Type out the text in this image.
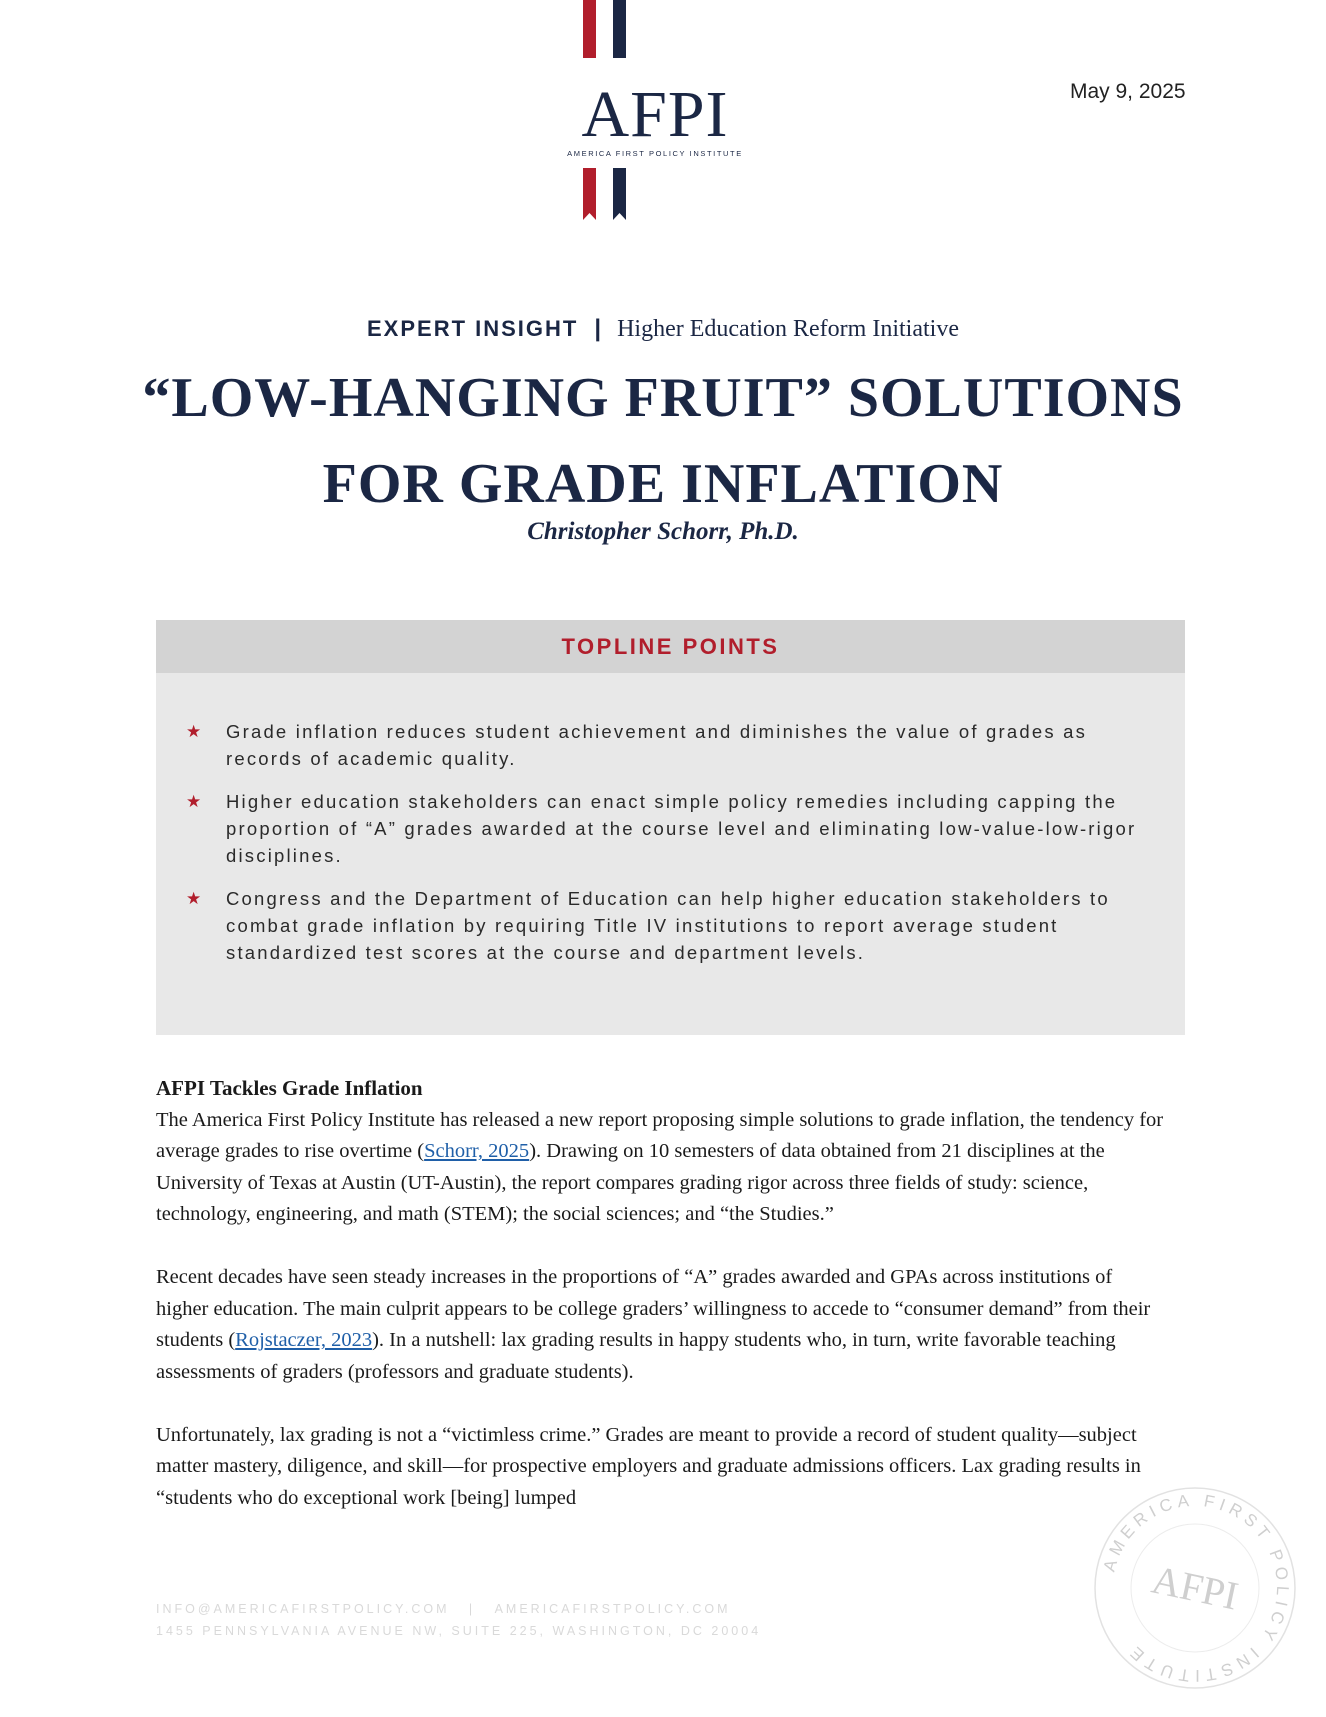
AFPI
AMERICA FIRST POLICY INSTITUTE
May 9, 2025
EXPERT INSIGHT | Higher Education Reform Initiative
“LOW-HANGING FRUIT” SOLUTIONS
FOR GRADE INFLATION
Christopher Schorr, Ph.D.
TOPLINE POINTS
★ Grade inflation reduces student achievement and diminishes the value of grades as records of academic quality.
★ Higher education stakeholders can enact simple policy remedies including capping the proportion of “A” grades awarded at the course level and eliminating low-value-low-rigor disciplines.
★ Congress and the Department of Education can help higher education stakeholders to combat grade inflation by requiring Title IV institutions to report average student standardized test scores at the course and department levels.
AFPI Tackles Grade Inflation

The America First Policy Institute has released a new report proposing simple solutions to grade inflation, the tendency for average grades to rise overtime (Schorr, 2025). Drawing on 10 semesters of data obtained from 21 disciplines at the University of Texas at Austin (UT-Austin), the report compares grading rigor across three fields of study: science, technology, engineering, and math (STEM); the social sciences; and “the Studies.”

Recent decades have seen steady increases in the proportions of “A” grades awarded and GPAs across institutions of higher education. The main culprit appears to be college graders’ willingness to accede to “consumer demand” from their students (Rojstaczer, 2023). In a nutshell: lax grading results in happy students who, in turn, write favorable teaching assessments of graders (professors and graduate students).

Unfortunately, lax grading is not a “victimless crime.” Grades are meant to provide a record of student quality—subject matter mastery, diligence, and skill—for prospective employers and graduate admissions officers. Lax grading results in “students who do exceptional work [being] lumped

INFO@AMERICAFIRSTPOLICY.COM | AMERICAFIRSTPOLICY.COM
1455 PENNSYLVANIA AVENUE NW, SUITE 225, WASHINGTON, DC 20004
AMERICA FIRST POLICY INSTITUTE
AFPI
